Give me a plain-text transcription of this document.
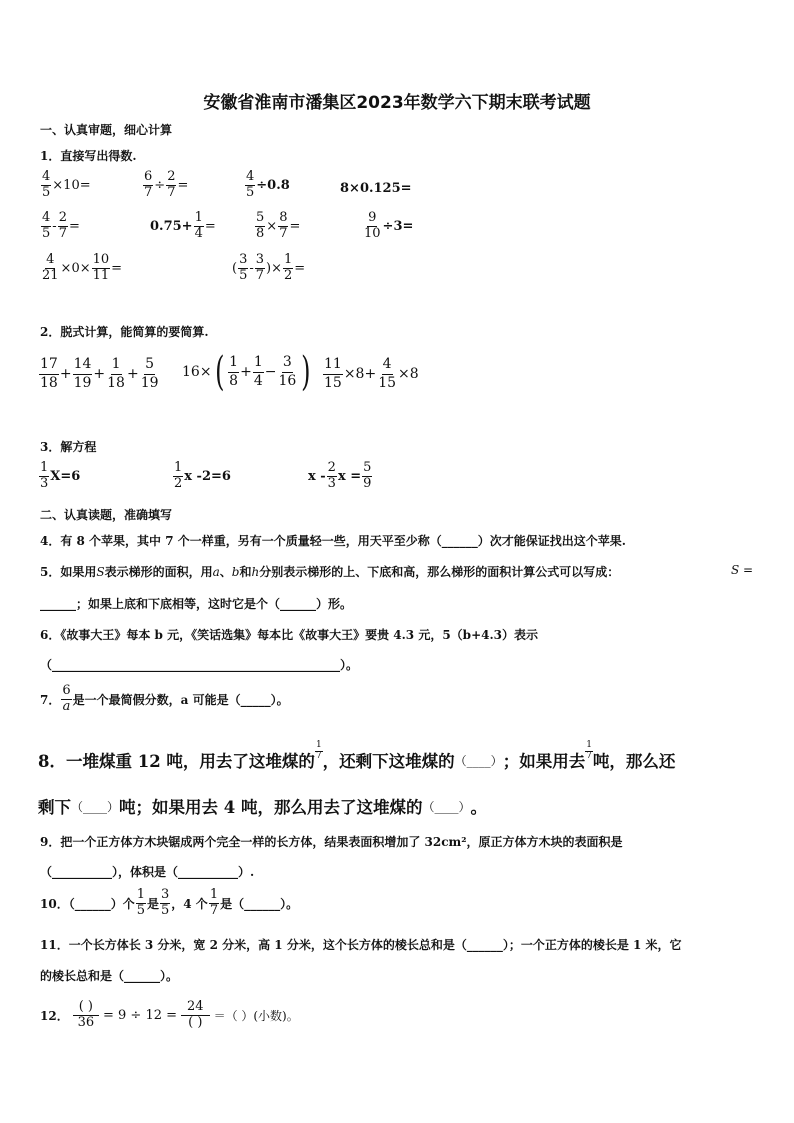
安徽省淮南市潘集区2023年数学六下期末联考试题
一、认真审题，细心计算
1．直接写出得数.
$\frac{4}{5} \times 10=$	$\frac{6}{7} \div \frac{2}{7}$ =	$\frac{4}{5} \div 0.8$	8×0.125=
$\frac{4}{5} - \frac{2}{7}$ =	$0.75+ \frac{1}{4}$ =	$\frac{5}{8} \times \frac{8}{7}$ =	$\frac{9}{10} \div 3=$
$\frac{4}{21} \times 0\times \frac{10}{11}$ =	( $\frac{3}{5} - \frac{3}{7}$ )× $\frac{1}{2}$ =
2．脱式计算，能简算的要简算.
$\frac{17}{18} + \frac{14}{19} + \frac{1}{18} + \frac{5}{19} 16\times$ ( $\frac{1}{8} + \frac{1}{4} - \frac{3}{16}$ ) $\frac{11}{15} \times 8+ \frac{4}{15} \times 8$
3．解方程
$\frac{1}{3} X=6$	$\frac{1}{2}$ x -2=6	x - $\frac{2}{3}$ $x = \frac{5}{9}$
二、认真读题，准确填写
4．有 8 个苹果，其中 7 个一样重，另有一个质量轻一些，用天平至少称（______）次才能保证找出这个苹果.
5．如果用S表示梯形的面积，用a、b和h分别表示梯形的上、下底和高，那么梯形的面积计算公式可以写成：	S =
______；如果上底和下底相等，这时它是个（______）形。
6．《故事大王》每本 b 元，《笑话选集》每本比《故事大王》要贵 4.3 元，5（b+4.3）表示
（________________________________________________）。
7． $\frac{6}{a}$ 是一个最简假分数，a 可能是（_____）。
8．一堆煤重 12 吨，用去了这堆煤的
$\frac{1}{7}$
，还剩下这堆煤的 （____） ；如果用去
$\frac{1}{7}$
吨，那么还
剩下 （____） 吨；如果用去 4 吨，那么用去了这堆煤的 （____） 。
9．把一个正方体方木块锯成两个完全一样的长方体，结果表面积增加了 32cm²，原正方体方木块的表面积是
（__________），体积是（__________）.
10．（______）个 $\frac{1}{5}$ 是 $\frac{3}{5}$ ，4 个 $\frac{1}{7}$ 是（______）。
11．一个长方体长 3 分米，宽 2 分米，高 1 分米，这个长方体的棱长总和是（______）；一个正方体的棱长是 1 米，它
的棱长总和是（______）。
12． $\frac{( )}{36} = 9 \div 12 = \frac{24}{( )}$ ＝（ ）(小数)。
